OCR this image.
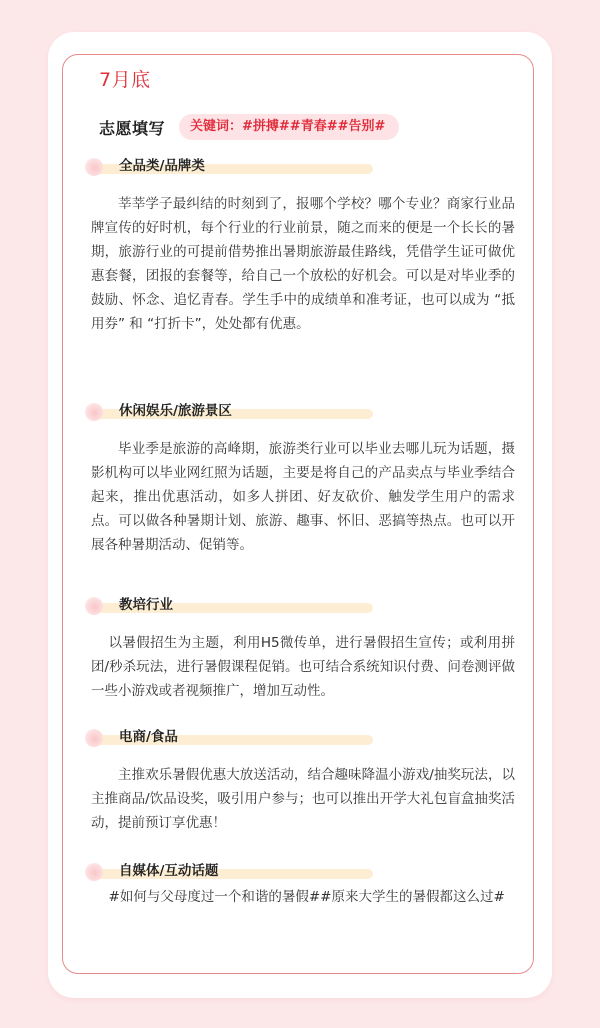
7月底
志愿填写	关键词：#拼搏##青春##告别#
全品类/品牌类

莘莘学子最纠结的时刻到了，报哪个学校？哪个专业？商家行业品牌宣传的好时机，每个行业的行业前景，随之而来的便是一个长长的暑期，旅游行业的可提前借势推出暑期旅游最佳路线，凭借学生证可做优惠套餐，团报的套餐等，给自己一个放松的好机会。可以是对毕业季的鼓励、怀念、追忆青春。学生手中的成绩单和准考证，也可以成为 “抵用券” 和 “打折卡”，处处都有优惠。

休闲娱乐/旅游景区

毕业季是旅游的高峰期，旅游类行业可以毕业去哪儿玩为话题，摄影机构可以毕业网红照为话题，主要是将自己的产品卖点与毕业季结合起来，推出优惠活动，如多人拼团、好友砍价、触发学生用户的需求点。可以做各种暑期计划、旅游、趣事、怀旧、恶搞等热点。也可以开展各种暑期活动、促销等。

教培行业

以暑假招生为主题，利用H5微传单，进行暑假招生宣传；或利用拼团/秒杀玩法，进行暑假课程促销。也可结合系统知识付费、问卷测评做一些小游戏或者视频推广，增加互动性。

电商/食品

主推欢乐暑假优惠大放送活动，结合趣味降温小游戏/抽奖玩法，以主推商品/饮品设奖，吸引用户参与；也可以推出开学大礼包盲盒抽奖活动，提前预订享优惠！

自媒体/互动话题

#如何与父母度过一个和谐的暑假##原来大学生的暑假都这么过#
